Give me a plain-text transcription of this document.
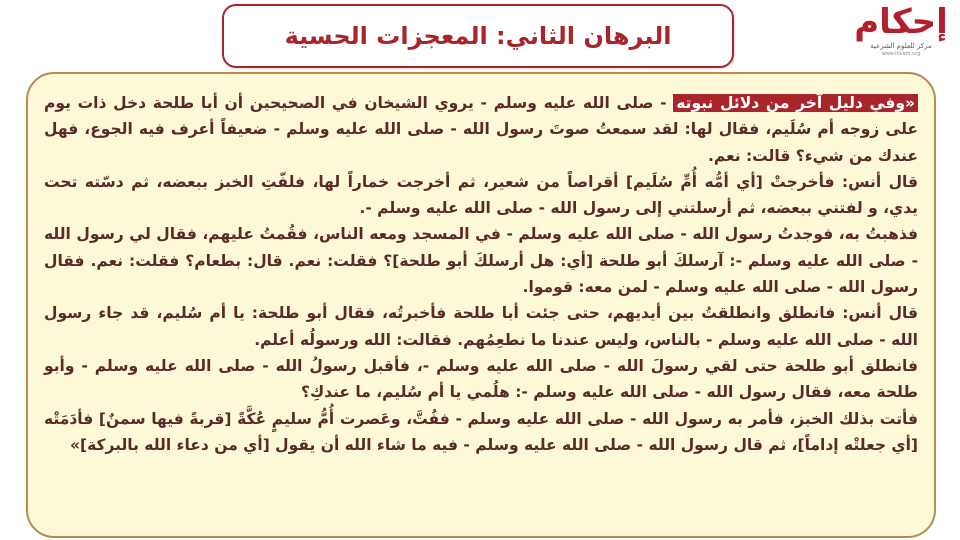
البرهان الثاني: المعجزات الحسية	إحكام
مركز للعلوم الشرعية
www.ihkam.org
«وفي دليل آخر من دلائل نبوته - صلى الله عليه وسلم - يروي الشيخان في الصحيحين أن أبا طلحة دخل ذات يوم على زوجه أم سُلَيم، فقال لها: لقد سمعتُ صوتَ رسول الله - صلى الله عليه وسلم - ضعيفاً أعرف فيه الجوع، فهل عندك من شيء؟ قالت: نعم.
قال أنس: فأخرجتْ [أي أمُّه أُمِّ سُلَيم] أقراصاً من شعير، ثم أخرجت خماراً لها، فلفّتِ الخبز ببعضه، ثم دسّته تحت يدي، و لفتني ببعضه، ثم أرسلتني إلى رسول الله - صلى الله عليه وسلم -.
فذهبتُ به، فوجدتُ رسول الله - صلى الله عليه وسلم - في المسجد ومعه الناس، فقُمتُ عليهم، فقال لي رسول الله - صلى الله عليه وسلم -: آرسلكَ أبو طلحة [أي: هل أرسلكَ أبو طلحة]؟ فقلت: نعم. قال: بطعام؟ فقلت: نعم. فقال رسول الله - صلى الله عليه وسلم - لمن معه: قوموا.
قال أنس: فانطلق وانطلقتُ بين أيديهم، حتى جئت أبا طلحة فأخبرتُه، فقال أبو طلحة: يا أم سُليم، قد جاء رسول الله - صلى الله عليه وسلم - بالناس، وليس عندنا ما نطعِمُهم. فقالت: الله ورسولُه أعلم.
فانطلق أبو طلحة حتى لقي رسولَ الله - صلى الله عليه وسلم -، فأقبل رسولُ الله - صلى الله عليه وسلم - وأبو طلحة معه، فقال رسول الله - صلى الله عليه وسلم -: هلُمي يا أم سُليم، ما عندكِ؟
فأتت بذلك الخبز، فأمر به رسول الله - صلى الله عليه وسلم - ففُتَّ، وعَصرت أُمُّ سليمٍ عُكَّةً [قربةً فيها سمنٌ] فأدَمَتْه [أي جعلتْه إداماً]، ثم قال رسول الله - صلى الله عليه وسلم - فيه ما شاء الله أن يقول [أي من دعاء الله بالبركة]»
